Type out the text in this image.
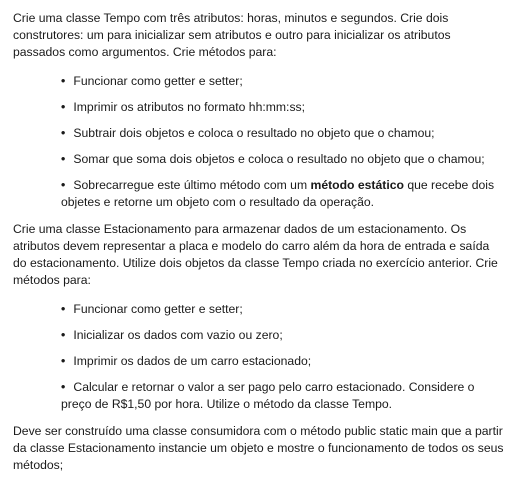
Crie uma classe Tempo com três atributos: horas, minutos e segundos. Crie dois construtores: um para inicializar sem atributos e outro para inicializar os atributos passados como argumentos. Crie métodos para:

• Funcionar como getter e setter;
• Imprimir os atributos no formato hh:mm:ss;
• Subtrair dois objetos e coloca o resultado no objeto que o chamou;
• Somar que soma dois objetos e coloca o resultado no objeto que o chamou;
• Sobrecarregue este último método com um método estático que recebe dois objetes e retorne um objeto com o resultado da operação.

Crie uma classe Estacionamento para armazenar dados de um estacionamento. Os atributos devem representar a placa e modelo do carro além da hora de entrada e saída do estacionamento. Utilize dois objetos da classe Tempo criada no exercício anterior. Crie métodos para:

• Funcionar como getter e setter;
• Inicializar os dados com vazio ou zero;
• Imprimir os dados de um carro estacionado;
• Calcular e retornar o valor a ser pago pelo carro estacionado. Considere o preço de R$1,50 por hora. Utilize o método da classe Tempo.

Deve ser construído uma classe consumidora com o método public static main que a partir da classe Estacionamento instancie um objeto e mostre o funcionamento de todos os seus métodos;
